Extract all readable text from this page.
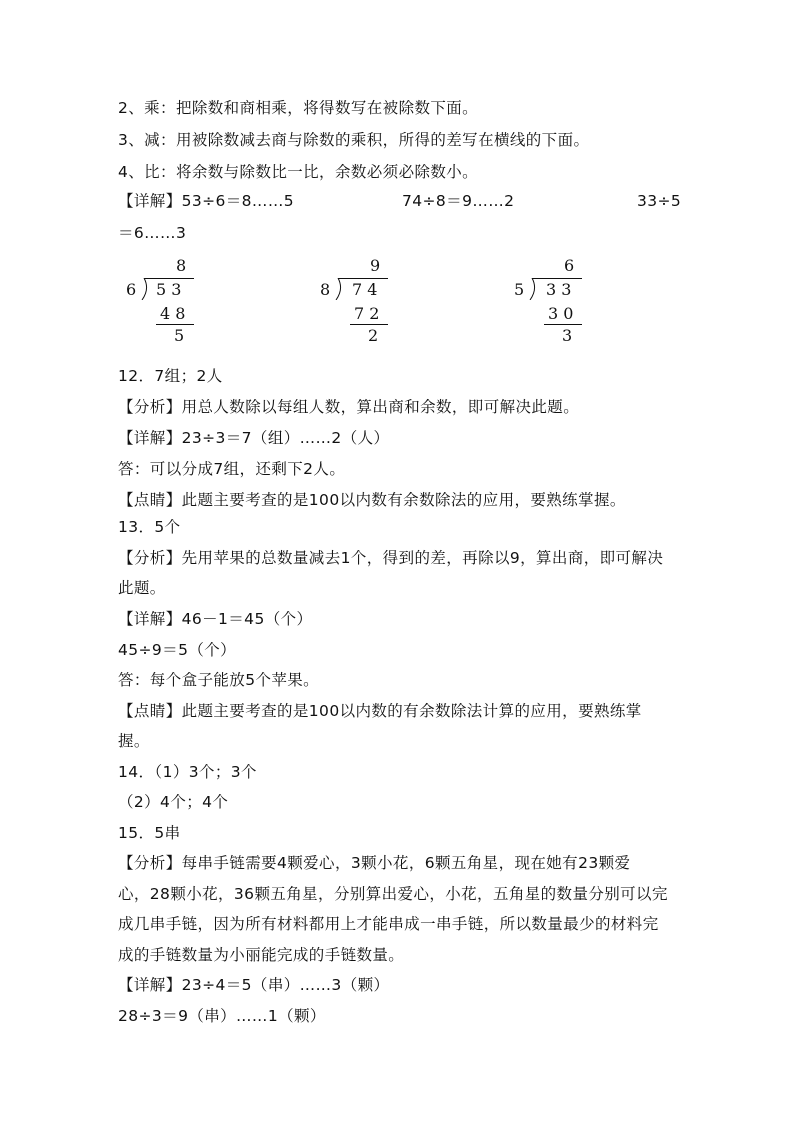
2、乘：把除数和商相乘，将得数写在被除数下面。
3、减：用被除数减去商与除数的乘积，所得的差写在横线的下面。
4、比：将余数与除数比一比，余数必须必除数小。
【详解】53÷6＝8……5	74÷8＝9……2	33÷5
＝6……3
8
6 5 3
4 8
5
9
8 7 4
7 2
2
6
5 3 3
3 0
3
12．7组；2人
【分析】用总人数除以每组人数，算出商和余数，即可解决此题。
【详解】23÷3＝7（组）……2（人）
答：可以分成7组，还剩下2人。
【点睛】此题主要考查的是100以内数有余数除法的应用，要熟练掌握。
13．5个
【分析】先用苹果的总数量减去1个，得到的差，再除以9，算出商，即可解决
此题。
【详解】46－1＝45（个）
45÷9＝5（个）
答：每个盒子能放5个苹果。
【点睛】此题主要考查的是100以内数的有余数除法计算的应用，要熟练掌
握。
14．（1）3个；3个
（2）4个；4个
15．5串
【分析】每串手链需要4颗爱心，3颗小花，6颗五角星，现在她有23颗爱
心，28颗小花，36颗五角星，分别算出爱心，小花，五角星的数量分别可以完
成几串手链，因为所有材料都用上才能串成一串手链，所以数量最少的材料完
成的手链数量为小丽能完成的手链数量。
【详解】23÷4＝5（串）……3（颗）
28÷3＝9（串）……1（颗）
